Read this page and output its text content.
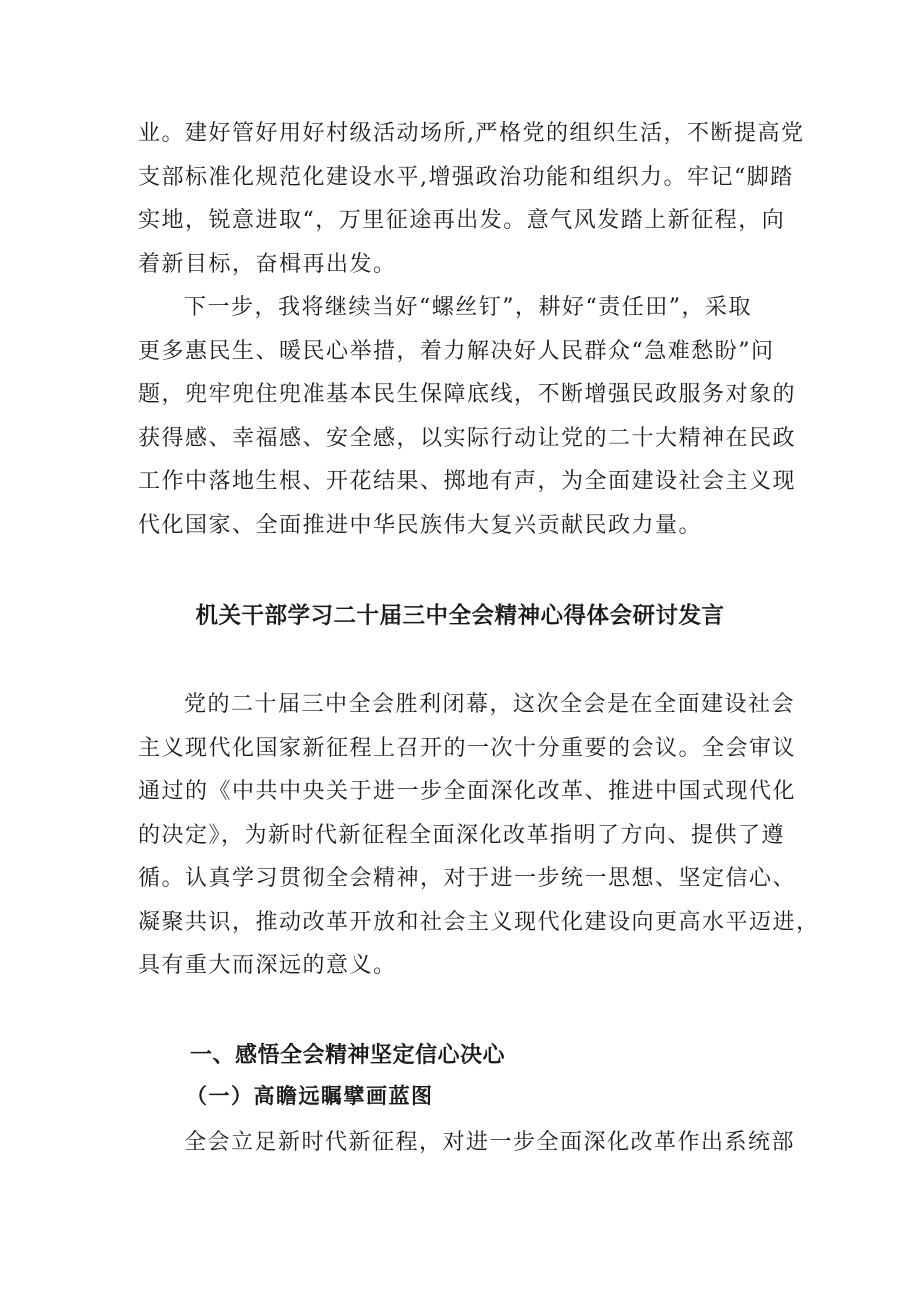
业。建好管好用好村级活动场所,严格党的组织生活，不断提高党

支部标准化规范化建设水平,增强政治功能和组织力。牢记“脚踏

实地，锐意进取“，万里征途再出发。意气风发踏上新征程，向

着新目标，奋楫再出发。

下一步，我将继续当好“螺丝钉”，耕好“责任田”，采取

更多惠民生、暖民心举措，着力解决好人民群众“急难愁盼”问

题，兜牢兜住兜准基本民生保障底线，不断增强民政服务对象的

获得感、幸福感、安全感，以实际行动让党的二十大精神在民政

工作中落地生根、开花结果、掷地有声，为全面建设社会主义现

代化国家、全面推进中华民族伟大复兴贡献民政力量。

机关干部学习二十届三中全会精神心得体会研讨发言

党的二十届三中全会胜利闭幕，这次全会是在全面建设社会

主义现代化国家新征程上召开的一次十分重要的会议。全会审议

通过的《中共中央关于进一步全面深化改革、推进中国式现代化

的决定》，为新时代新征程全面深化改革指明了方向、提供了遵

循。认真学习贯彻全会精神，对于进一步统一思想、坚定信心、

凝聚共识，推动改革开放和社会主义现代化建设向更高水平迈进，

具有重大而深远的意义。

一、感悟全会精神坚定信心决心
（一）高瞻远瞩擘画蓝图

全会立足新时代新征程，对进一步全面深化改革作出系统部
